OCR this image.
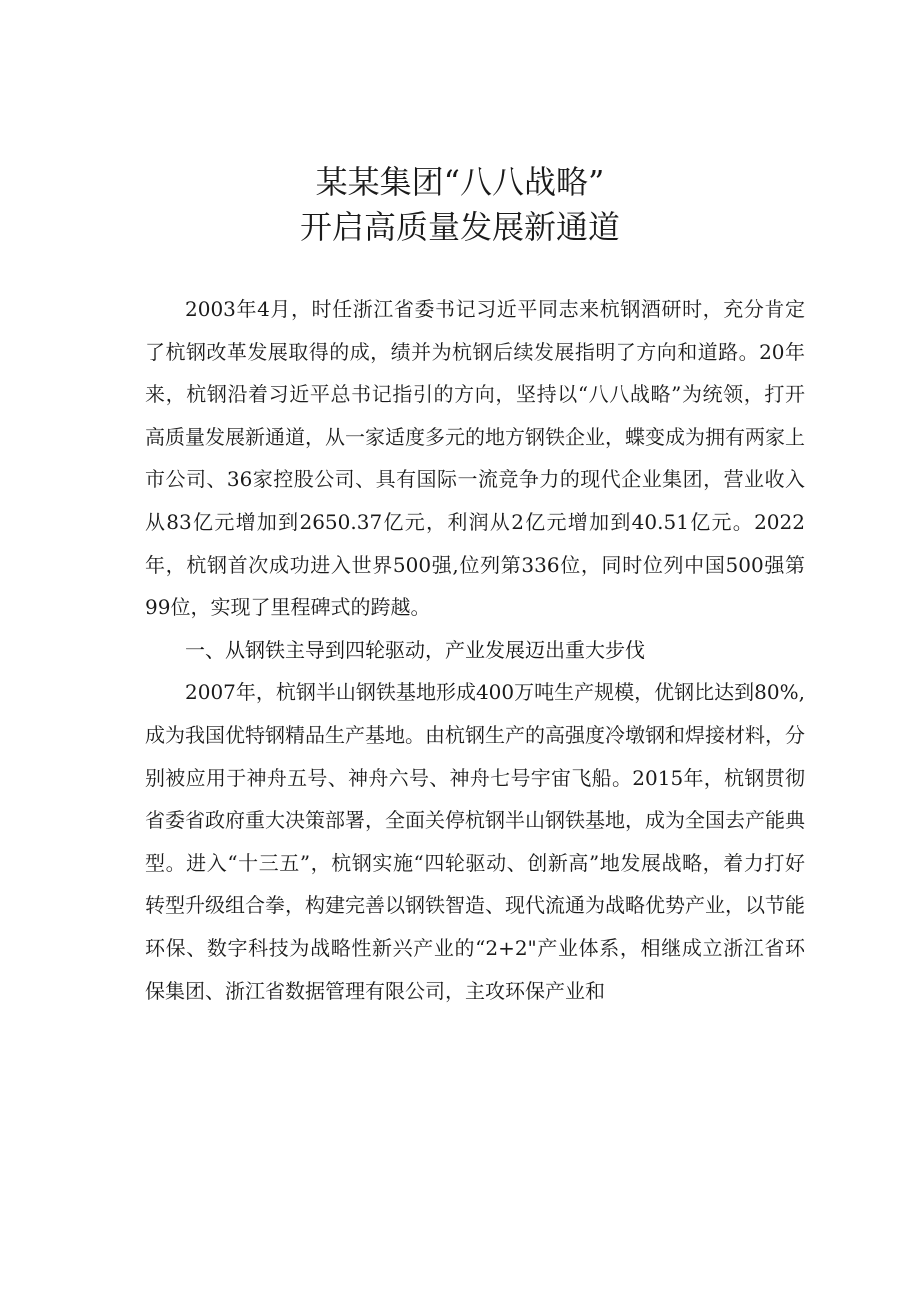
某某集团“八八战略”
开启高质量发展新通道

2003年4月，时任浙江省委书记习近平同志来杭钢酒研时，充分肯定了杭钢改革发展取得的成，绩并为杭钢后续发展指明了方向和道路。20年来，杭钢沿着习近平总书记指引的方向，坚持以“八八战略”为统领，打开高质量发展新通道，从一家适度多元的地方钢铁企业，蝶变成为拥有两家上市公司、36家控股公司、具有国际一流竞争力的现代企业集团，营业收入从83亿元增加到2650.37亿元，利润从2亿元增加到40.51亿元。2022年，杭钢首次成功进入世界500强,位列第336位，同时位列中国500强第99位，实现了里程碑式的跨越。

一、从钢铁主导到四轮驱动，产业发展迈出重大步伐

2007年，杭钢半山钢铁基地形成400万吨生产规模，优钢比达到80%,成为我国优特钢精品生产基地。由杭钢生产的高强度冷墩钢和焊接材料，分别被应用于神舟五号、神舟六号、神舟七号宇宙飞船。2015年，杭钢贯彻省委省政府重大决策部署，全面关停杭钢半山钢铁基地，成为全国去产能典型。进入“十三五”，杭钢实施“四轮驱动、创新高”地发展战略，着力打好转型升级组合拳，构建完善以钢铁智造、现代流通为战略优势产业，以节能环保、数字科技为战略性新兴产业的“2+2"产业体系，相继成立浙江省环保集团、浙江省数据管理有限公司，主攻环保产业和
